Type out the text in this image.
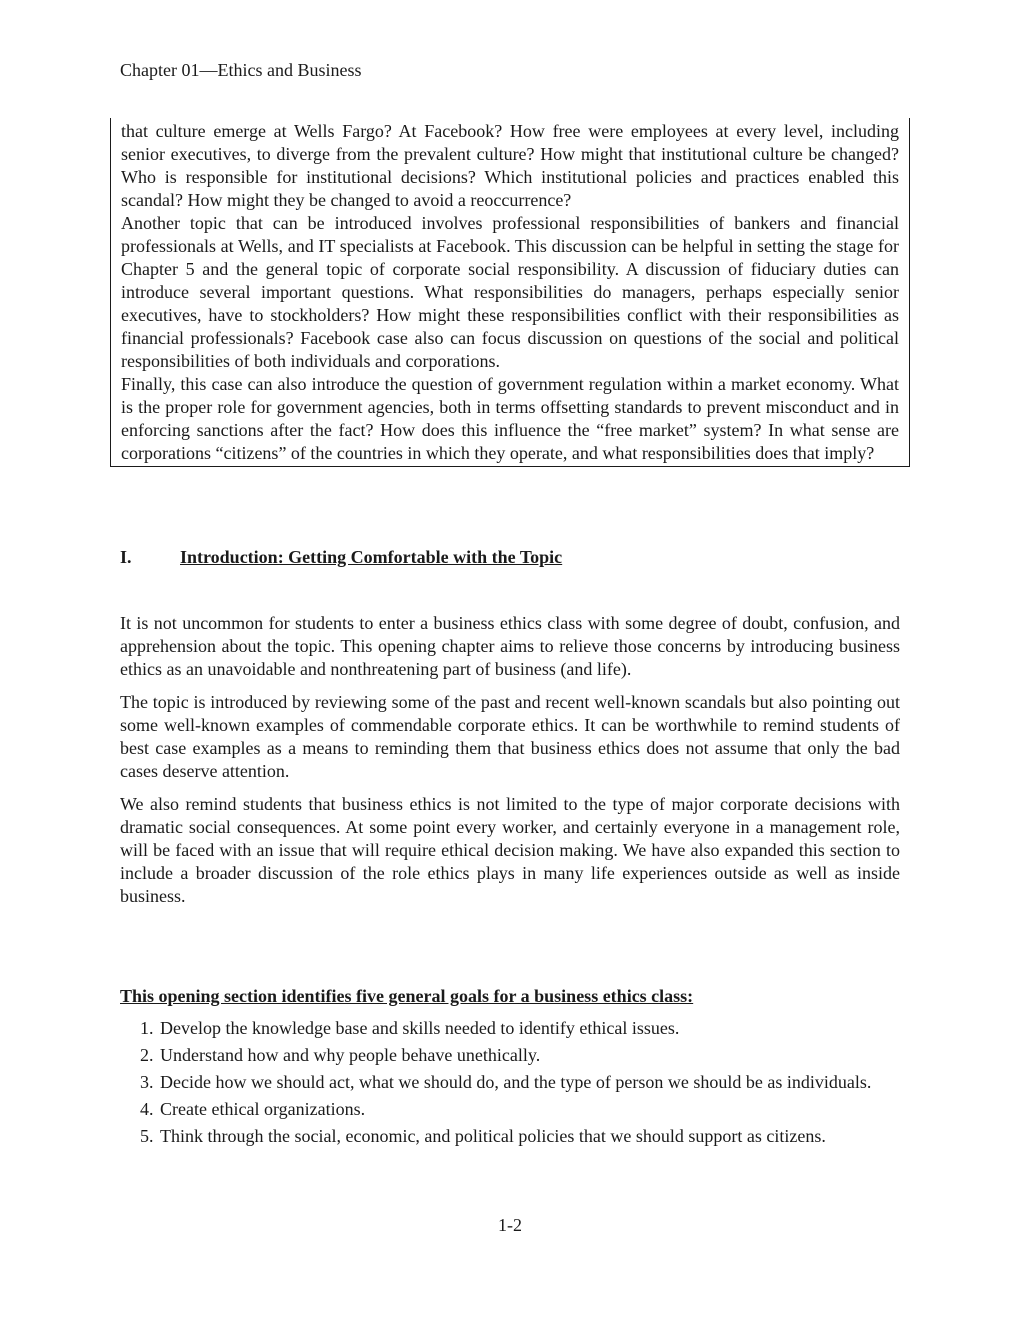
Chapter 01—Ethics and Business

that culture emerge at Wells Fargo? At Facebook? How free were employees at every level, including senior executives, to diverge from the prevalent culture? How might that institutional culture be changed? Who is responsible for institutional decisions? Which institutional policies and practices enabled this scandal? How might they be changed to avoid a reoccurrence?

Another topic that can be introduced involves professional responsibilities of bankers and financial professionals at Wells, and IT specialists at Facebook. This discussion can be helpful in setting the stage for Chapter 5 and the general topic of corporate social responsibility. A discussion of fiduciary duties can introduce several important questions. What responsibilities do managers, perhaps especially senior executives, have to stockholders? How might these responsibilities conflict with their responsibilities as financial professionals? Facebook case also can focus discussion on questions of the social and political responsibilities of both individuals and corporations.

Finally, this case can also introduce the question of government regulation within a market economy. What is the proper role for government agencies, both in terms offsetting standards to prevent misconduct and in enforcing sanctions after the fact? How does this influence the “free market” system? In what sense are corporations “citizens” of the countries in which they operate, and what responsibilities does that imply?

I.	Introduction: Getting Comfortable with the Topic

It is not uncommon for students to enter a business ethics class with some degree of doubt, confusion, and apprehension about the topic. This opening chapter aims to relieve those concerns by introducing business ethics as an unavoidable and nonthreatening part of business (and life).

The topic is introduced by reviewing some of the past and recent well-known scandals but also pointing out some well-known examples of commendable corporate ethics. It can be worthwhile to remind students of best case examples as a means to reminding them that business ethics does not assume that only the bad cases deserve attention.

We also remind students that business ethics is not limited to the type of major corporate decisions with dramatic social consequences. At some point every worker, and certainly everyone in a management role, will be faced with an issue that will require ethical decision making. We have also expanded this section to include a broader discussion of the role ethics plays in many life experiences outside as well as inside business.

This opening section identifies five general goals for a business ethics class:
1. Develop the knowledge base and skills needed to identify ethical issues.
2. Understand how and why people behave unethically.
3. Decide how we should act, what we should do, and the type of person we should be as individuals.
4. Create ethical organizations.
5. Think through the social, economic, and political policies that we should support as citizens.
1-2
